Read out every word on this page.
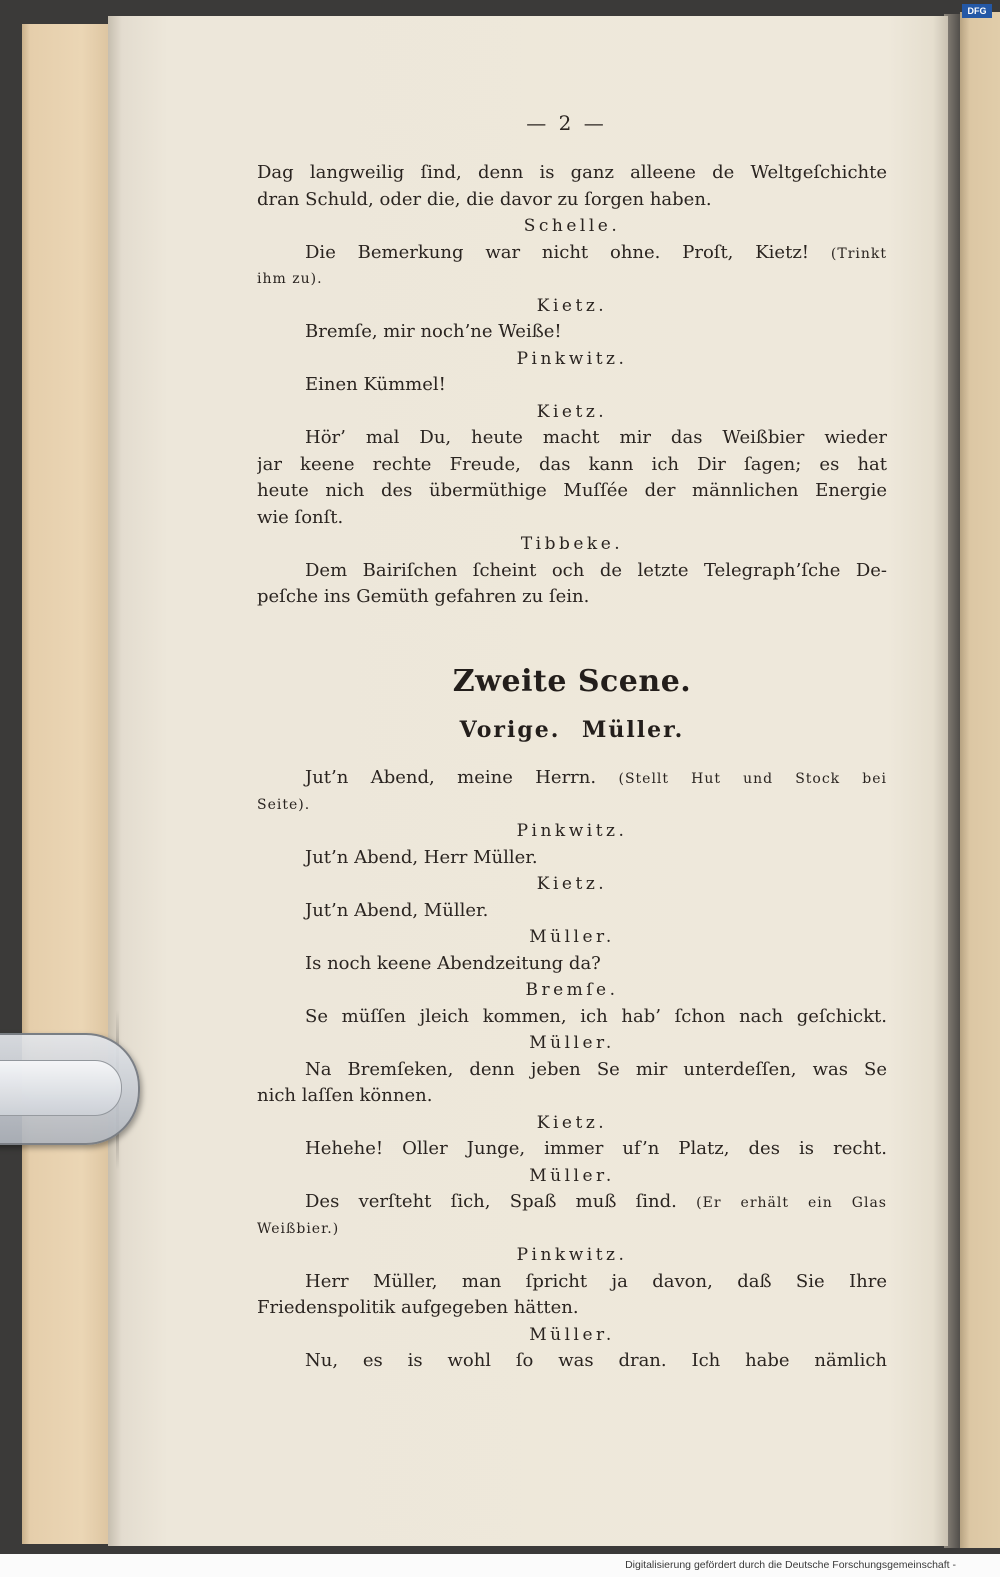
— 2 —
Dag langweilig ſind, denn is ganz alleene de Weltgeſchichte
dran Schuld, oder die, die davor zu ſorgen haben.
Schelle.
Die Bemerkung war nicht ohne. Proſt, Kietz! (Trinkt
ihm zu).
Kietz.
Bremſe, mir noch’ne Weiße!
Pinkwitz.
Einen Kümmel!
Kietz.
Hör’ mal Du, heute macht mir das Weißbier wieder
jar keene rechte Freude, das kann ich Dir ſagen; es hat
heute nich des übermüthige Muſſée der männlichen Energie
wie ſonſt.
Tibbeke.
Dem Bairiſchen ſcheint och de letzte Telegraph’ſche De-
peſche ins Gemüth gefahren zu ſein.
Zweite Scene.
Vorige. Müller.
Jut’n Abend, meine Herrn. (Stellt Hut und Stock bei
Seite).
Pinkwitz.
Jut’n Abend, Herr Müller.
Kietz.
Jut’n Abend, Müller.
Müller.
Is noch keene Abendzeitung da?
Bremſe.
Se müſſen jleich kommen, ich hab’ ſchon nach geſchickt.
Müller.
Na Bremſeken, denn jeben Se mir unterdeſſen, was Se
nich laſſen können.
Kietz.
Hehehe! Oller Junge, immer uf’n Platz, des is recht.
Müller.
Des verſteht ſich, Spaß muß ſind. (Er erhält ein Glas
Weißbier.)
Pinkwitz.
Herr Müller, man ſpricht ja davon, daß Sie Ihre
Friedenspolitik aufgegeben hätten.
Müller.
Nu, es is wohl ſo was dran. Ich habe nämlich
Digitalisierung gefördert durch die Deutsche Forschungsgemeinschaft -
DFG
